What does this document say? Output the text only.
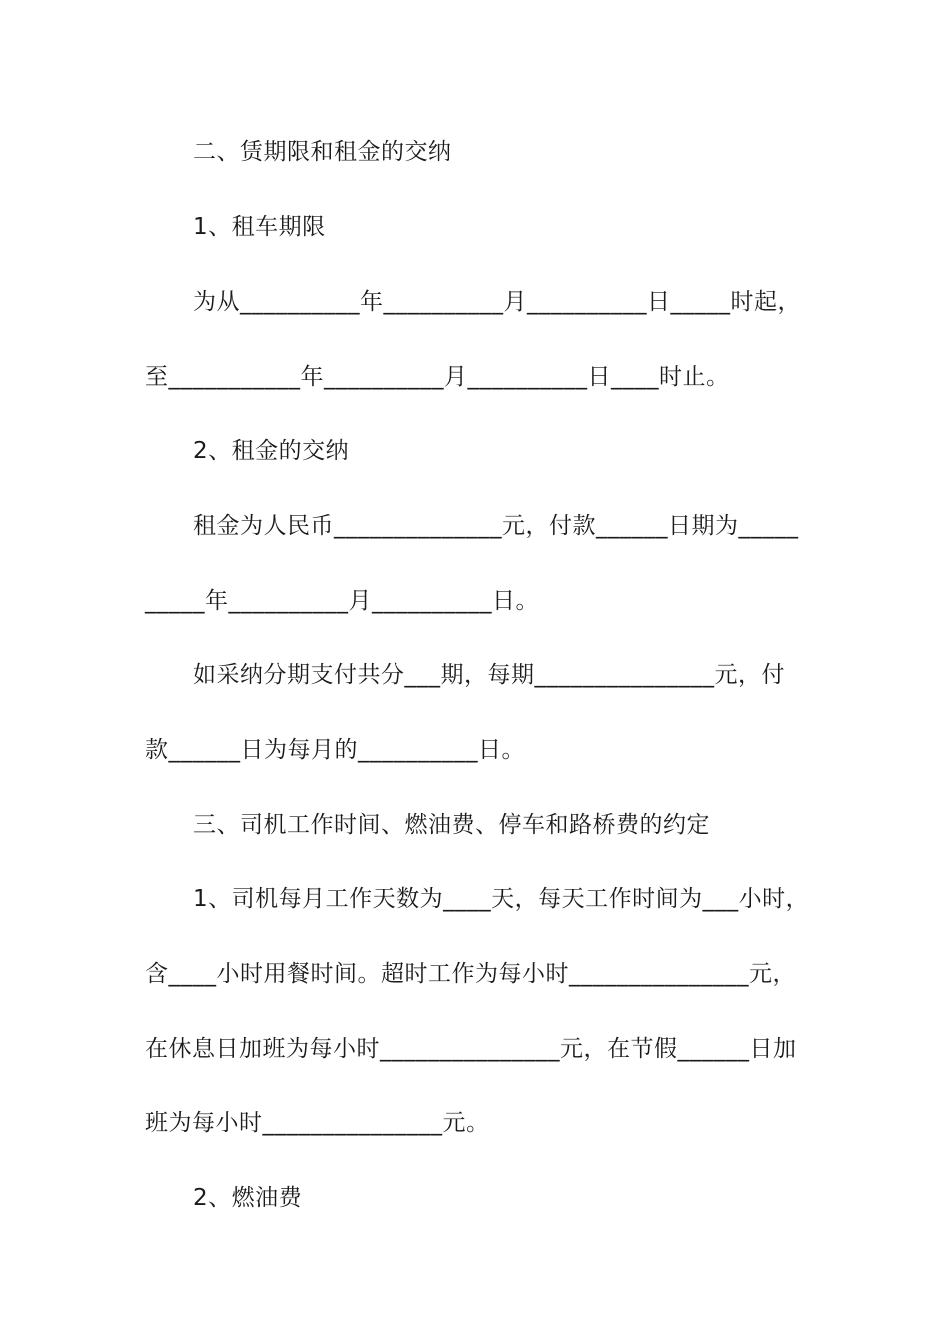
二、赁期限和租金的交纳
1、租车期限
为从__________年__________月__________日_____时起，
至___________年__________月__________日____时止。
2、租金的交纳
租金为人民币______________元，付款______日期为_____
_____年__________月__________日。
如采纳分期支付共分___期，每期_______________元，付
款______日为每月的__________日。
三、司机工作时间、燃油费、停车和路桥费的约定
1、司机每月工作天数为____天，每天工作时间为___小时，
含____小时用餐时间。超时工作为每小时_______________元，
在休息日加班为每小时_______________元，在节假______日加
班为每小时_______________元。
2、燃油费
